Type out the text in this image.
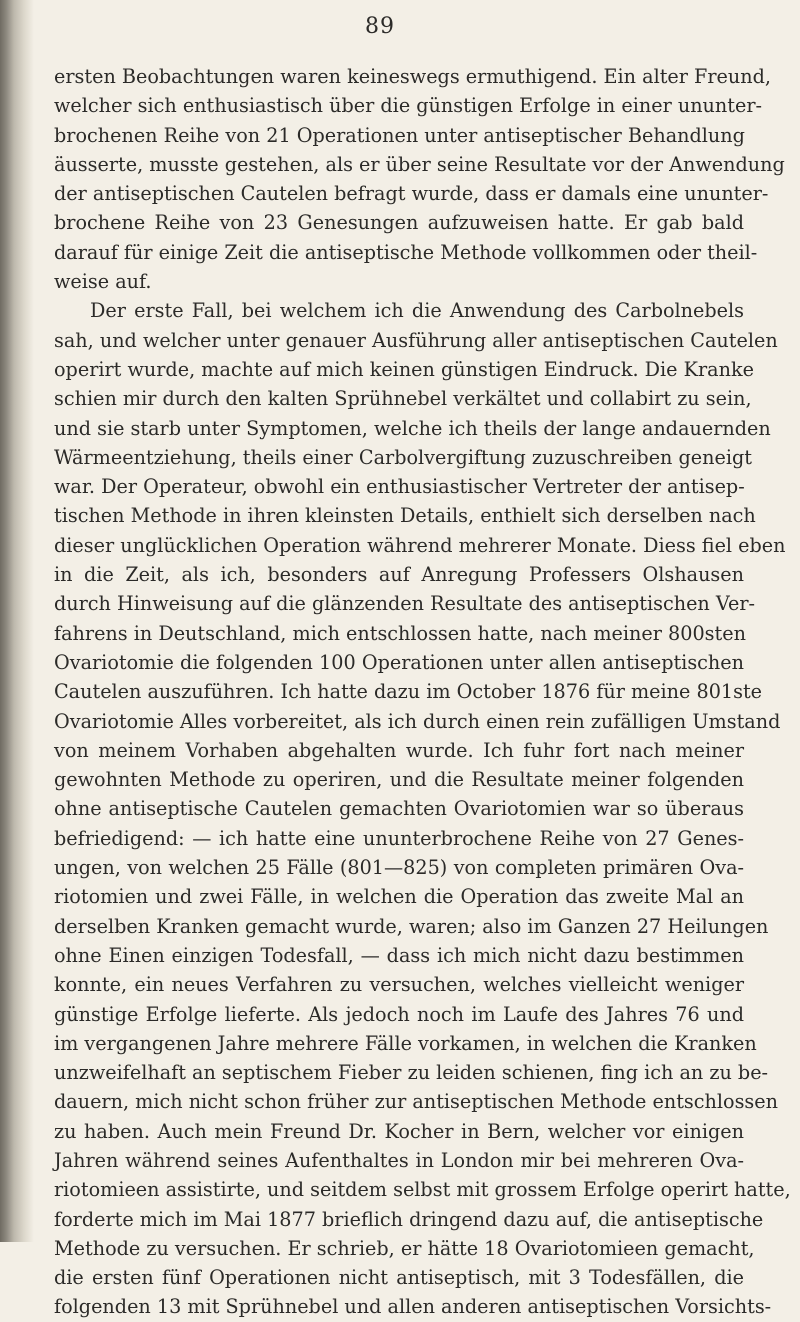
89
ersten Beobachtungen waren keineswegs ermuthigend. Ein alter Freund,
welcher sich enthusiastisch über die günstigen Erfolge in einer ununter-
brochenen Reihe von 21 Operationen unter antiseptischer Behandlung
äusserte, musste gestehen, als er über seine Resultate vor der Anwendung
der antiseptischen Cautelen befragt wurde, dass er damals eine ununter-
brochene Reihe von 23 Genesungen aufzuweisen hatte. Er gab bald
darauf für einige Zeit die antiseptische Methode vollkommen oder theil-
weise auf.
Der erste Fall, bei welchem ich die Anwendung des Carbolnebels
sah, und welcher unter genauer Ausführung aller antiseptischen Cautelen
operirt wurde, machte auf mich keinen günstigen Eindruck. Die Kranke
schien mir durch den kalten Sprühnebel verkältet und collabirt zu sein,
und sie starb unter Symptomen, welche ich theils der lange andauernden
Wärmeentziehung, theils einer Carbolvergiftung zuzuschreiben geneigt
war. Der Operateur, obwohl ein enthusiastischer Vertreter der antisep-
tischen Methode in ihren kleinsten Details, enthielt sich derselben nach
dieser unglücklichen Operation während mehrerer Monate. Diess fiel eben
in die Zeit, als ich, besonders auf Anregung Professers Olshausen
durch Hinweisung auf die glänzenden Resultate des antiseptischen Ver-
fahrens in Deutschland, mich entschlossen hatte, nach meiner 800sten
Ovariotomie die folgenden 100 Operationen unter allen antiseptischen
Cautelen auszuführen. Ich hatte dazu im October 1876 für meine 801ste
Ovariotomie Alles vorbereitet, als ich durch einen rein zufälligen Umstand
von meinem Vorhaben abgehalten wurde. Ich fuhr fort nach meiner
gewohnten Methode zu operiren, und die Resultate meiner folgenden
ohne antiseptische Cautelen gemachten Ovariotomien war so überaus
befriedigend: — ich hatte eine ununterbrochene Reihe von 27 Genes-
ungen, von welchen 25 Fälle (801—825) von completen primären Ova-
riotomien und zwei Fälle, in welchen die Operation das zweite Mal an
derselben Kranken gemacht wurde, waren; also im Ganzen 27 Heilungen
ohne Einen einzigen Todesfall, — dass ich mich nicht dazu bestimmen
konnte, ein neues Verfahren zu versuchen, welches vielleicht weniger
günstige Erfolge lieferte. Als jedoch noch im Laufe des Jahres 76 und
im vergangenen Jahre mehrere Fälle vorkamen, in welchen die Kranken
unzweifelhaft an septischem Fieber zu leiden schienen, fing ich an zu be-
dauern, mich nicht schon früher zur antiseptischen Methode entschlossen
zu haben. Auch mein Freund Dr. Kocher in Bern, welcher vor einigen
Jahren während seines Aufenthaltes in London mir bei mehreren Ova-
riotomieen assistirte, und seitdem selbst mit grossem Erfolge operirt hatte,
forderte mich im Mai 1877 brieflich dringend dazu auf, die antiseptische
Methode zu versuchen. Er schrieb, er hätte 18 Ovariotomieen gemacht,
die ersten fünf Operationen nicht antiseptisch, mit 3 Todesfällen, die
folgenden 13 mit Sprühnebel und allen anderen antiseptischen Vorsichts-
